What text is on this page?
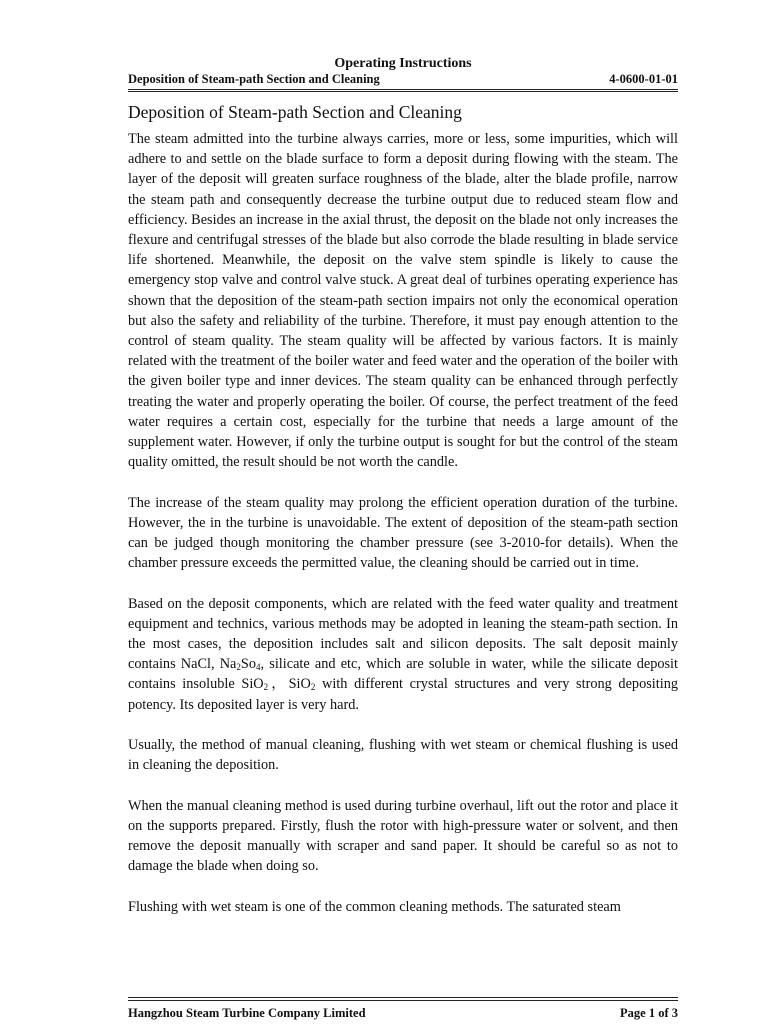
Operating Instructions
Deposition of Steam-path Section and Cleaning	4-0600-01-01
Deposition of Steam-path Section and Cleaning

The steam admitted into the turbine always carries, more or less, some impurities, which will adhere to and settle on the blade surface to form a deposit during flowing with the steam. The layer of the deposit will greaten surface roughness of the blade, alter the blade profile, narrow the steam path and consequently decrease the turbine output due to reduced steam flow and efficiency. Besides an increase in the axial thrust, the deposit on the blade not only increases the flexure and centrifugal stresses of the blade but also corrode the blade resulting in blade service life shortened. Meanwhile, the deposit on the valve stem spindle is likely to cause the emergency stop valve and control valve stuck. A great deal of turbines operating experience has shown that the deposition of the steam-path section impairs not only the economical operation but also the safety and reliability of the turbine. Therefore, it must pay enough attention to the control of steam quality. The steam quality will be affected by various factors. It is mainly related with the treatment of the boiler water and feed water and the operation of the boiler with the given boiler type and inner devices. The steam quality can be enhanced through perfectly treating the water and properly operating the boiler. Of course, the perfect treatment of the feed water requires a certain cost, especially for the turbine that needs a large amount of the supplement water. However, if only the turbine output is sought for but the control of the steam quality omitted, the result should be not worth the candle.

The increase of the steam quality may prolong the efficient operation duration of the turbine. However, the in the turbine is unavoidable. The extent of deposition of the steam-path section can be judged though monitoring the chamber pressure (see 3-2010-for details). When the chamber pressure exceeds the permitted value, the cleaning should be carried out in time.

Based on the deposit components, which are related with the feed water quality and treatment equipment and technics, various methods may be adopted in leaning the steam-path section. In the most cases, the deposition includes salt and silicon deposits. The salt deposit mainly contains NaCl, $Na_2So_4$, silicate and etc, which are soluble in water, while the silicate deposit contains insoluble SiO$_2$，SiO$_2$ with different crystal structures and very strong depositing potency. Its deposited layer is very hard.

Usually, the method of manual cleaning, flushing with wet steam or chemical flushing is used in cleaning the deposition.

When the manual cleaning method is used during turbine overhaul, lift out the rotor and place it on the supports prepared. Firstly, flush the rotor with high-pressure water or solvent, and then remove the deposit manually with scraper and sand paper. It should be careful so as not to damage the blade when doing so.

Flushing with wet steam is one of the common cleaning methods. The saturated steam

Hangzhou Steam Turbine Company Limited	Page 1 of 3
